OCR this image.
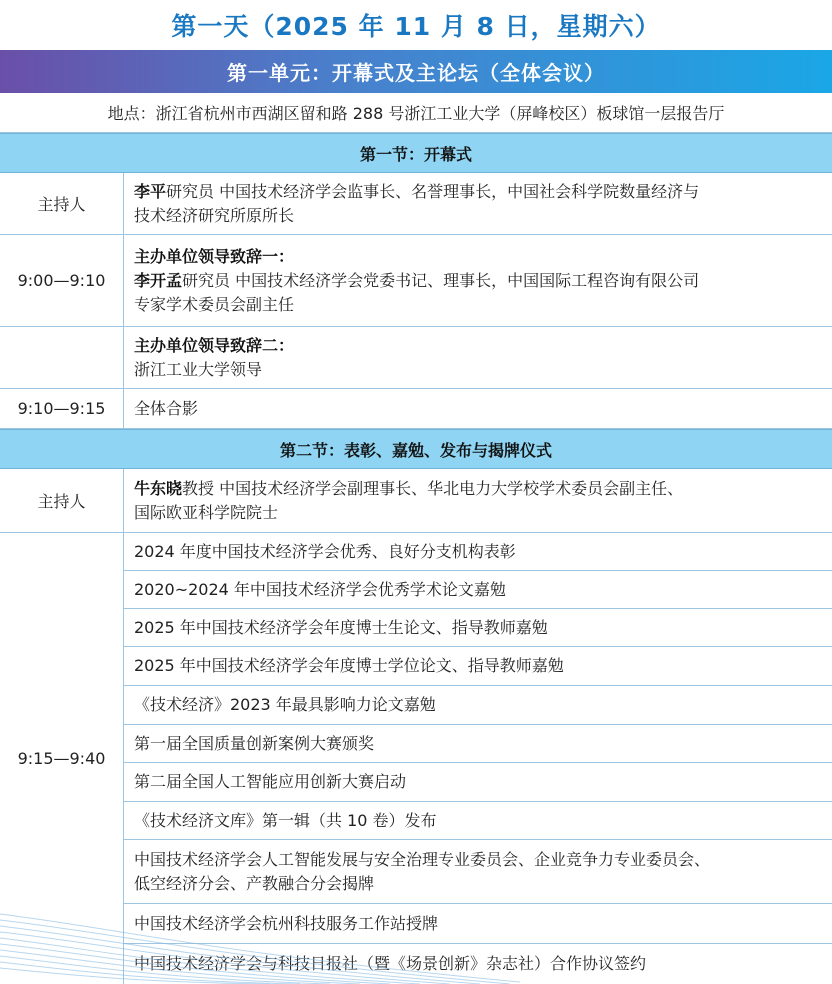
第一天（2025 年 11 月 8 日，星期六）
第一单元：开幕式及主论坛（全体会议）
地点：浙江省杭州市西湖区留和路 288 号浙江工业大学（屏峰校区）板球馆一层报告厅
第一节：开幕式
主持人
李平研究员 中国技术经济学会监事长、名誉理事长，中国社会科学院数量经济与
技术经济研究所原所长
9:00—9:10
主办单位领导致辞一：
李开孟研究员 中国技术经济学会党委书记、理事长，中国国际工程咨询有限公司
专家学术委员会副主任
主办单位领导致辞二：
浙江工业大学领导
9:10—9:15	全体合影
第二节：表彰、嘉勉、发布与揭牌仪式
主持人
牛东晓教授 中国技术经济学会副理事长、华北电力大学校学术委员会副主任、
国际欧亚科学院院士
9:15—9:40
2024 年度中国技术经济学会优秀、良好分支机构表彰
2020~2024 年中国技术经济学会优秀学术论文嘉勉
2025 年中国技术经济学会年度博士生论文、指导教师嘉勉
2025 年中国技术经济学会年度博士学位论文、指导教师嘉勉
《技术经济》2023 年最具影响力论文嘉勉
第一届全国质量创新案例大赛颁奖
第二届全国人工智能应用创新大赛启动
《技术经济文库》第一辑（共 10 卷）发布
中国技术经济学会人工智能发展与安全治理专业委员会、企业竞争力专业委员会、
低空经济分会、产教融合分会揭牌
中国技术经济学会杭州科技服务工作站授牌
中国技术经济学会与科技日报社（暨《场景创新》杂志社）合作协议签约
